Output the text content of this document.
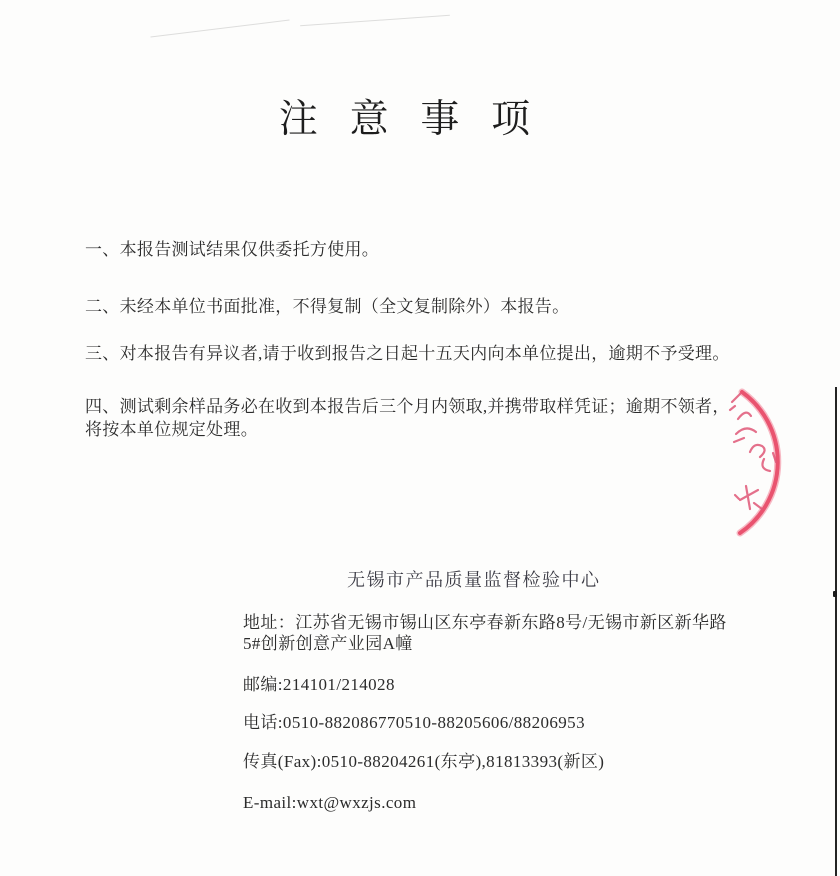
注 意 事 项
一、本报告测试结果仅供委托方使用。
二、未经本单位书面批准，不得复制（全文复制除外）本报告。
三、对本报告有异议者,请于收到报告之日起十五天内向本单位提出，逾期不予受理。
四、测试剩余样品务必在收到本报告后三个月内领取,并携带取样凭证；逾期不领者，
将按本单位规定处理。
无锡市产品质量监督检验中心
地址：江苏省无锡市锡山区东亭春新东路8号/无锡市新区新华路
5#创新创意产业园A幢
邮编:214101/214028
电话:0510-882086770510-88205606/88206953
传真(Fax):0510-88204261(东亭),81813393(新区)
E-mail:wxt@wxzjs.com
